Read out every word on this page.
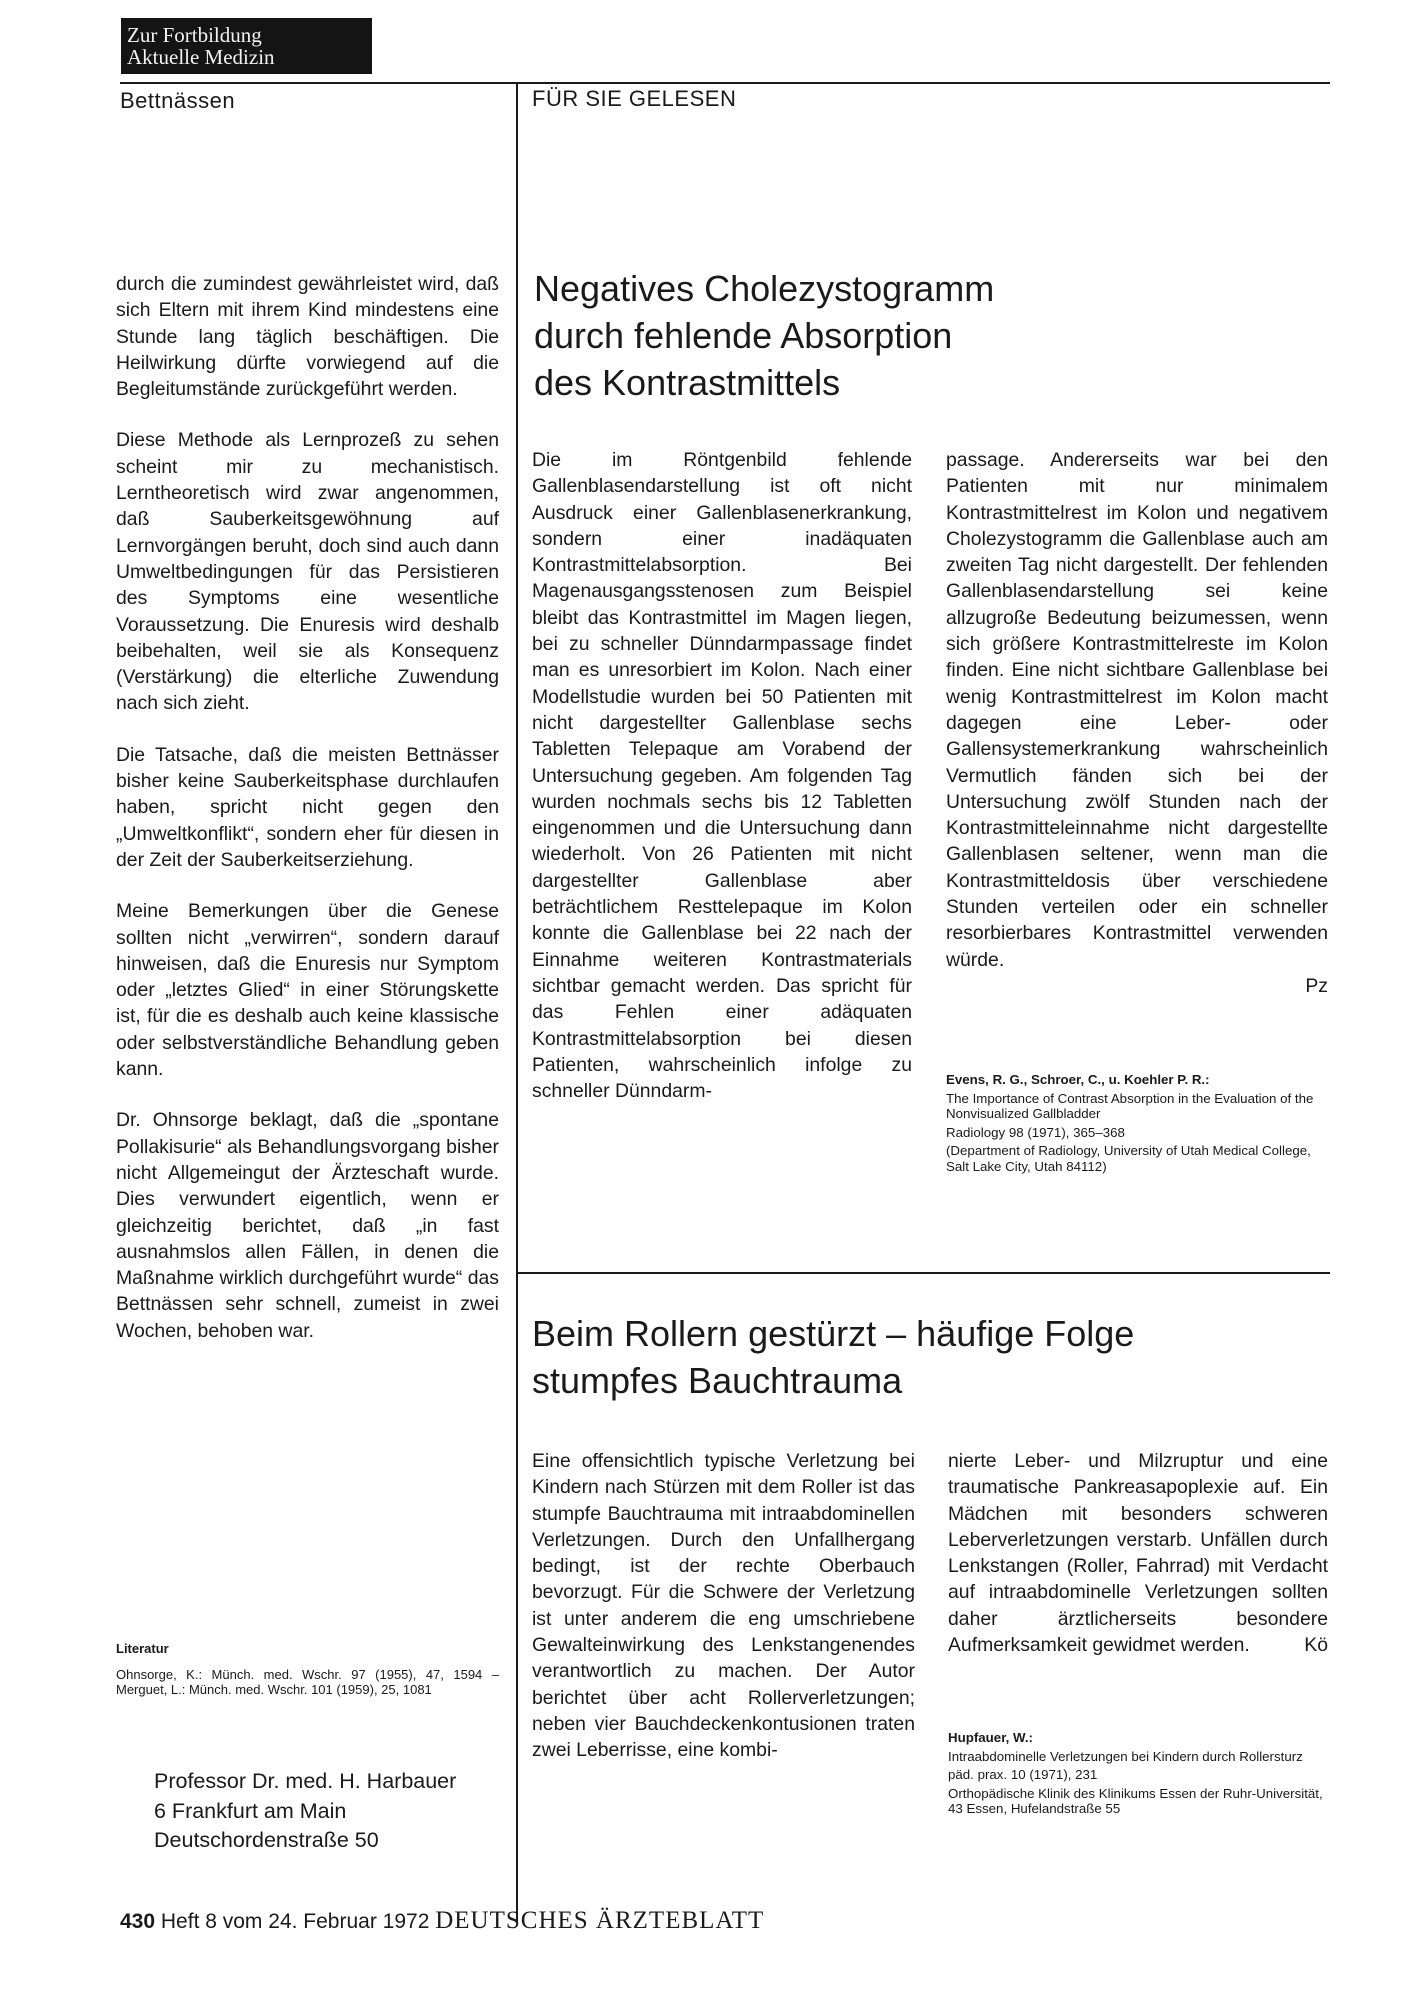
Zur Fortbildung
Aktuelle Medizin
Bettnässen	FÜR SIE GELESEN

durch die zumindest gewährleistet wird, daß sich Eltern mit ihrem Kind mindestens eine Stunde lang täglich beschäftigen. Die Heilwirkung dürfte vorwiegend auf die Begleitumstände zurückgeführt werden.

Diese Methode als Lernprozeß zu sehen scheint mir zu mechanistisch. Lerntheoretisch wird zwar angenommen, daß Sauberkeitsgewöhnung auf Lernvorgängen beruht, doch sind auch dann Umweltbedingungen für das Persistieren des Symptoms eine wesentliche Voraussetzung. Die Enuresis wird deshalb beibehalten, weil sie als Konsequenz (Verstärkung) die elterliche Zuwendung nach sich zieht.

Die Tatsache, daß die meisten Bettnässer bisher keine Sauberkeitsphase durchlaufen haben, spricht nicht gegen den „Umweltkonflikt“, sondern eher für diesen in der Zeit der Sauberkeitserziehung.

Meine Bemerkungen über die Genese sollten nicht „verwirren“, sondern darauf hinweisen, daß die Enuresis nur Symptom oder „letztes Glied“ in einer Störungskette ist, für die es deshalb auch keine klassische oder selbstverständliche Behandlung geben kann.

Dr. Ohnsorge beklagt, daß die „spontane Pollakisurie“ als Behandlungsvorgang bisher nicht Allgemeingut der Ärzteschaft wurde. Dies verwundert eigentlich, wenn er gleichzeitig berichtet, daß „in fast ausnahmslos allen Fällen, in denen die Maßnahme wirklich durchgeführt wurde“ das Bettnässen sehr schnell, zumeist in zwei Wochen, behoben war.

Literatur
Ohnsorge, K.: Münch. med. Wschr. 97 (1955), 47, 1594 – Merguet, L.: Münch. med. Wschr. 101 (1959), 25, 1081
Professor Dr. med. H. Harbauer
6 Frankfurt am Main
Deutschordenstraße 50
Negatives Cholezystogramm
durch fehlende Absorption
des Kontrastmittels
Die im Röntgenbild fehlende Gallenblasendarstellung ist oft nicht Ausdruck einer Gallenblasenerkrankung, sondern einer inadäquaten Kontrastmittelabsorption. Bei Magenausgangsstenosen zum Beispiel bleibt das Kontrastmittel im Magen liegen, bei zu schneller Dünndarmpassage findet man es unresorbiert im Kolon. Nach einer Modellstudie wurden bei 50 Patienten mit nicht dargestellter Gallenblase sechs Tabletten Telepaque am Vorabend der Untersuchung gegeben. Am folgenden Tag wurden nochmals sechs bis 12 Tabletten eingenommen und die Untersuchung dann wiederholt. Von 26 Patienten mit nicht dargestellter Gallenblase aber beträchtlichem Resttelepaque im Kolon konnte die Gallenblase bei 22 nach der Einnahme weiteren Kontrastmaterials sichtbar gemacht werden. Das spricht für das Fehlen einer adäquaten Kontrastmittelabsorption bei diesen Patienten, wahrscheinlich infolge zu schneller Dünndarm-
passage. Andererseits war bei den Patienten mit nur minimalem Kontrastmittelrest im Kolon und negativem Cholezystogramm die Gallenblase auch am zweiten Tag nicht dargestellt. Der fehlenden Gallenblasendarstellung sei keine allzugroße Bedeutung beizumessen, wenn sich größere Kontrastmittelreste im Kolon finden. Eine nicht sichtbare Gallenblase bei wenig Kontrastmittelrest im Kolon macht dagegen eine Leber- oder Gallensystemerkrankung wahrscheinlich Vermutlich fänden sich bei der Untersuchung zwölf Stunden nach der Kontrastmitteleinnahme nicht dargestellte Gallenblasen seltener, wenn man die Kontrastmitteldosis über verschiedene Stunden verteilen oder ein schneller resorbierbares Kontrastmittel verwenden würde.
Pz

Evens, R. G., Schroer, C., u. Koehler P. R.:

The Importance of Contrast Absorption in the Evaluation of the Nonvisualized Gallbladder

Radiology 98 (1971), 365–368

(Department of Radiology, University of Utah Medical College, Salt Lake City, Utah 84112)

Beim Rollern gestürzt – häufige Folge
stumpfes Bauchtrauma
Eine offensichtlich typische Verletzung bei Kindern nach Stürzen mit dem Roller ist das stumpfe Bauchtrauma mit intraabdominellen Verletzungen. Durch den Unfallhergang bedingt, ist der rechte Oberbauch bevorzugt. Für die Schwere der Verletzung ist unter anderem die eng umschriebene Gewalteinwirkung des Lenkstangenendes verantwortlich zu machen. Der Autor berichtet über acht Rollerverletzungen; neben vier Bauchdeckenkontusionen traten zwei Leberrisse, eine kombi-
nierte Leber- und Milzruptur und eine traumatische Pankreasapoplexie auf. Ein Mädchen mit besonders schweren Leberverletzungen verstarb. Unfällen durch Lenkstangen (Roller, Fahrrad) mit Verdacht auf intraabdominelle Verletzungen sollten daher ärztlicherseits besondere Aufmerksamkeit gewidmet werden.	Kö

Hupfauer, W.:

Intraabdominelle Verletzungen bei Kindern durch Rollersturz

päd. prax. 10 (1971), 231

Orthopädische Klinik des Klinikums Essen der Ruhr-Universität, 43 Essen, Hufelandstraße 55

430 Heft 8 vom 24. Februar 1972 DEUTSCHES ÄRZTEBLATT
